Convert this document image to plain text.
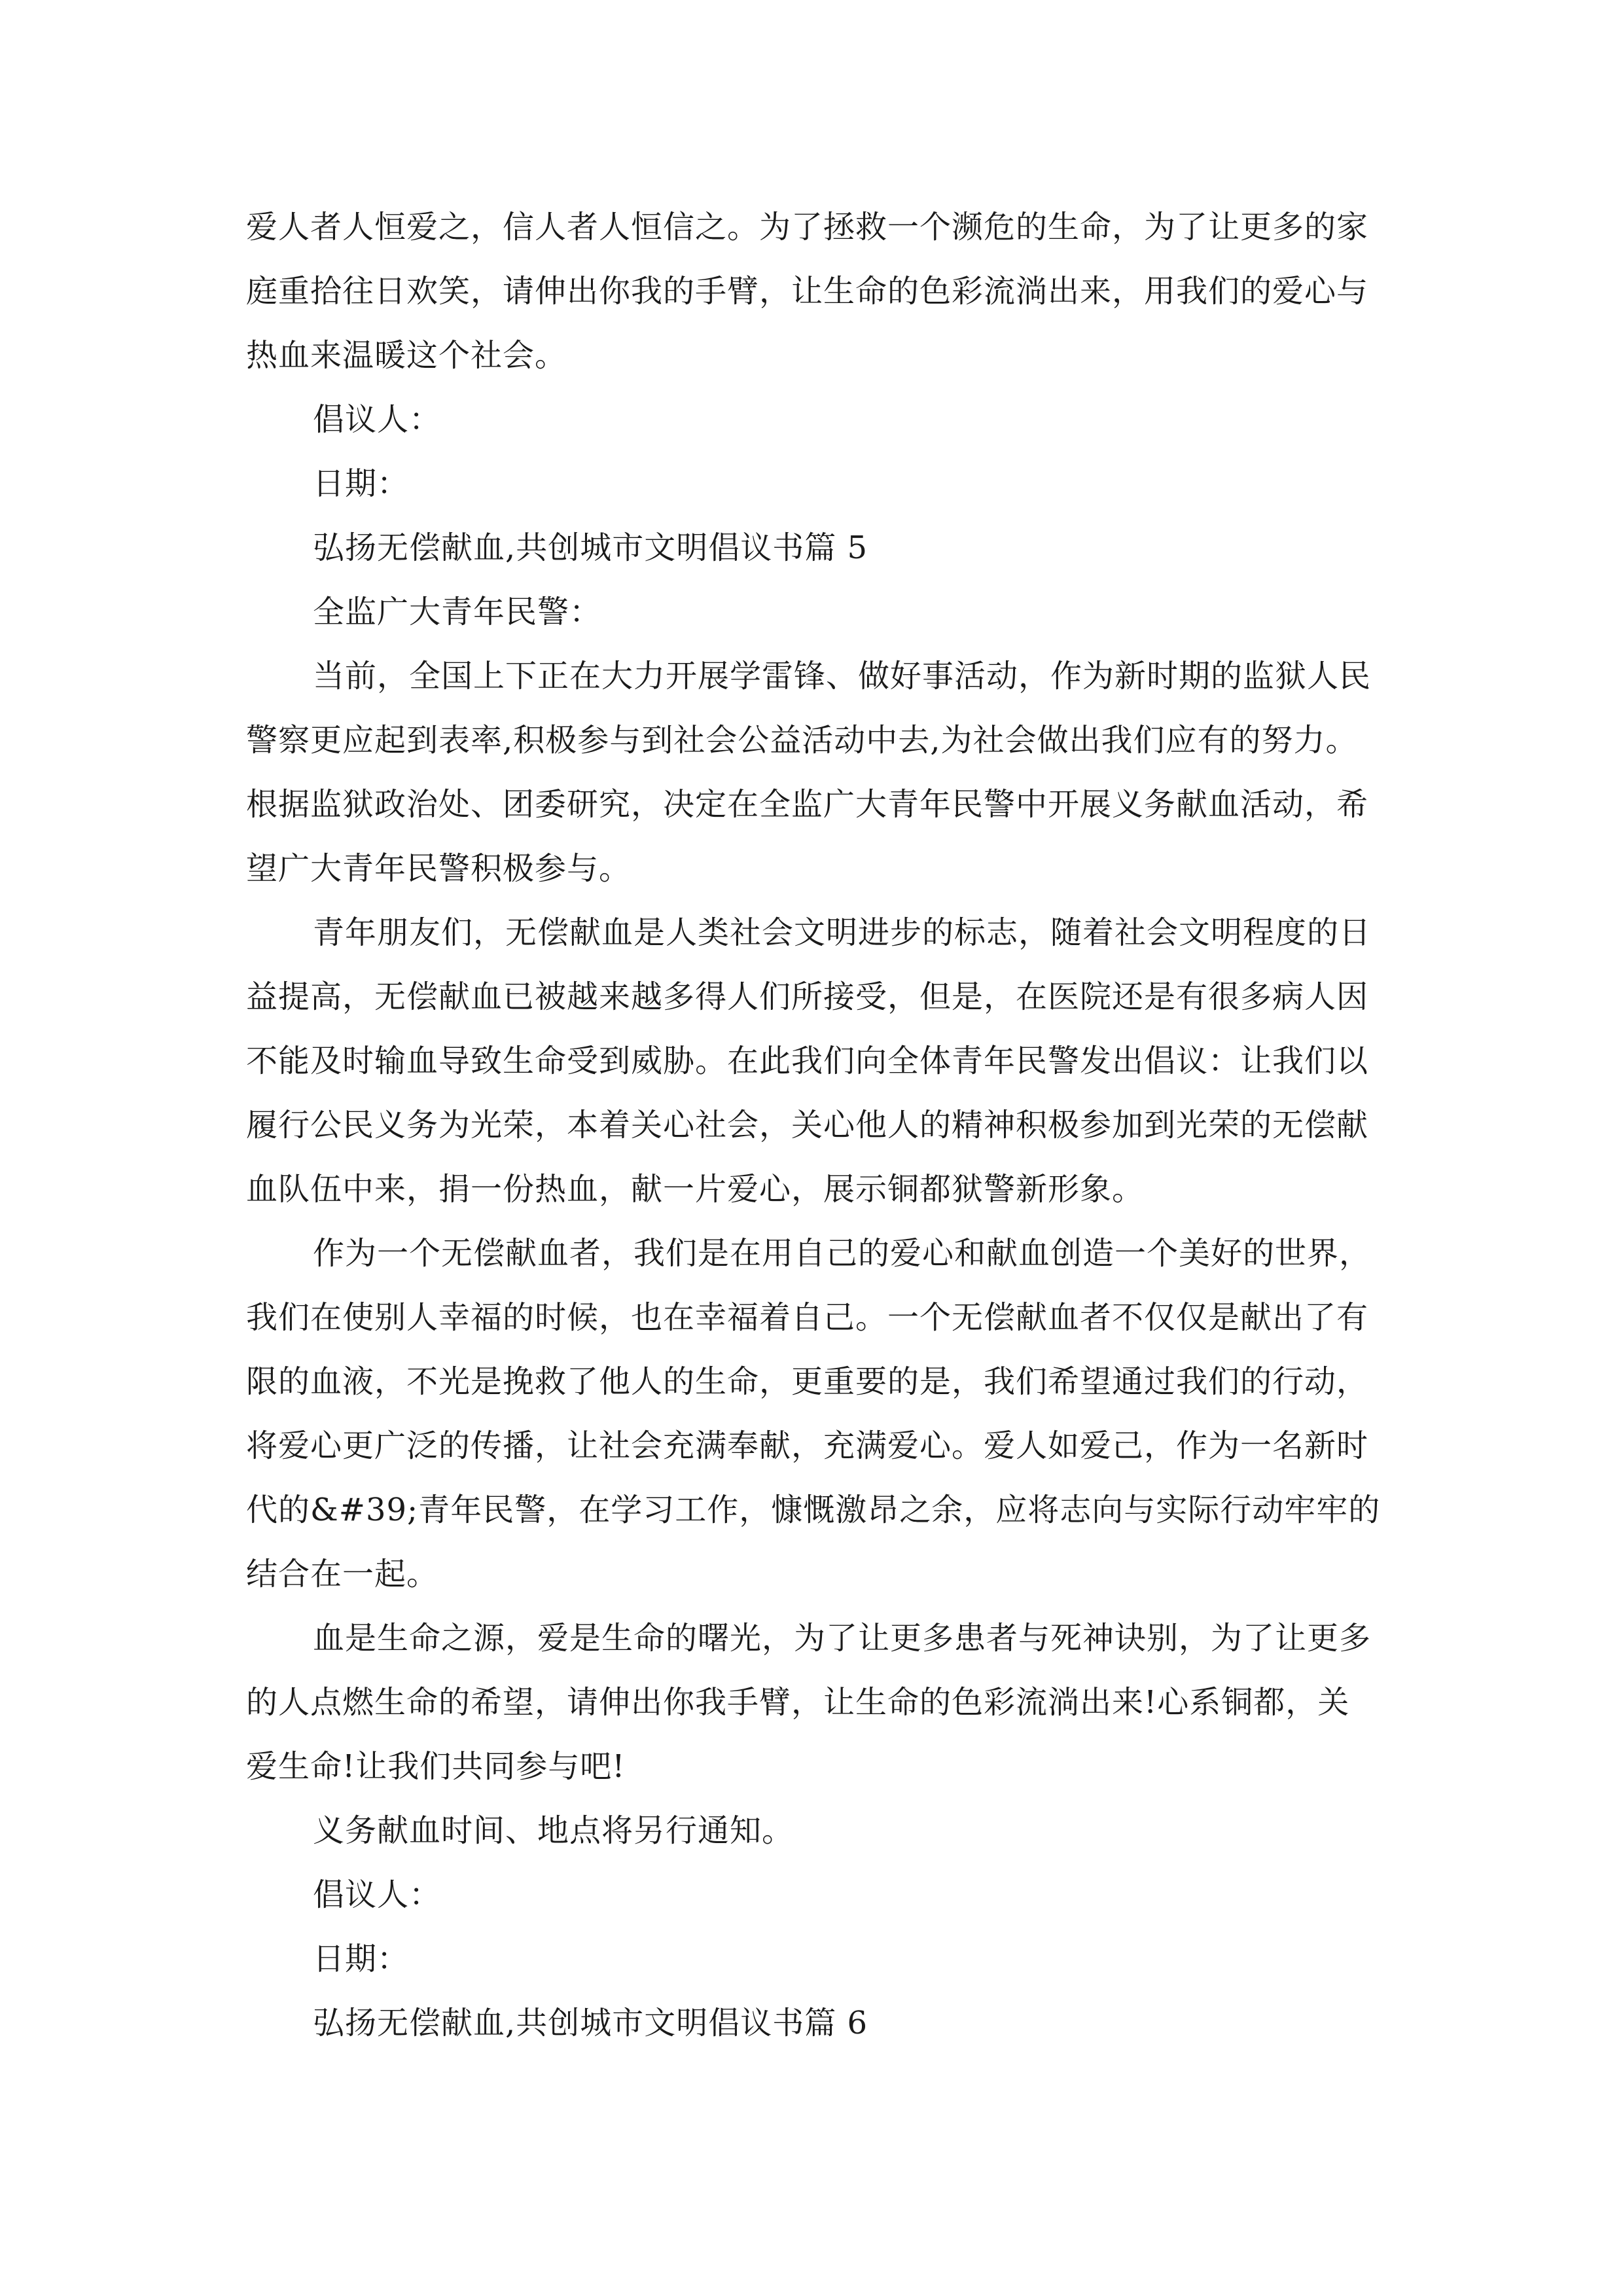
爱人者人恒爱之，信人者人恒信之。为了拯救一个濒危的生命，为了让更多的家
庭重拾往日欢笑，请伸出你我的手臂，让生命的色彩流淌出来，用我们的爱心与
热血来温暖这个社会。
倡议人：
日期：
弘扬无偿献血,共创城市文明倡议书篇 5
全监广大青年民警：
当前，全国上下正在大力开展学雷锋、做好事活动，作为新时期的监狱人民
警察更应起到表率,积极参与到社会公益活动中去,为社会做出我们应有的努力。
根据监狱政治处、团委研究，决定在全监广大青年民警中开展义务献血活动，希
望广大青年民警积极参与。
青年朋友们，无偿献血是人类社会文明进步的标志，随着社会文明程度的日
益提高，无偿献血已被越来越多得人们所接受，但是，在医院还是有很多病人因
不能及时输血导致生命受到威胁。在此我们向全体青年民警发出倡议：让我们以
履行公民义务为光荣，本着关心社会，关心他人的精神积极参加到光荣的无偿献
血队伍中来，捐一份热血，献一片爱心，展示铜都狱警新形象。
作为一个无偿献血者，我们是在用自己的爱心和献血创造一个美好的世界，
我们在使别人幸福的时候，也在幸福着自己。一个无偿献血者不仅仅是献出了有
限的血液，不光是挽救了他人的生命，更重要的是，我们希望通过我们的行动，
将爱心更广泛的传播，让社会充满奉献，充满爱心。爱人如爱己，作为一名新时
代的&#39;青年民警，在学习工作，慷慨激昂之余，应将志向与实际行动牢牢的
结合在一起。
血是生命之源，爱是生命的曙光，为了让更多患者与死神诀别，为了让更多
的人点燃生命的希望，请伸出你我手臂，让生命的色彩流淌出来!心系铜都，关
爱生命!让我们共同参与吧!
义务献血时间、地点将另行通知。
倡议人：
日期：
弘扬无偿献血,共创城市文明倡议书篇 6
